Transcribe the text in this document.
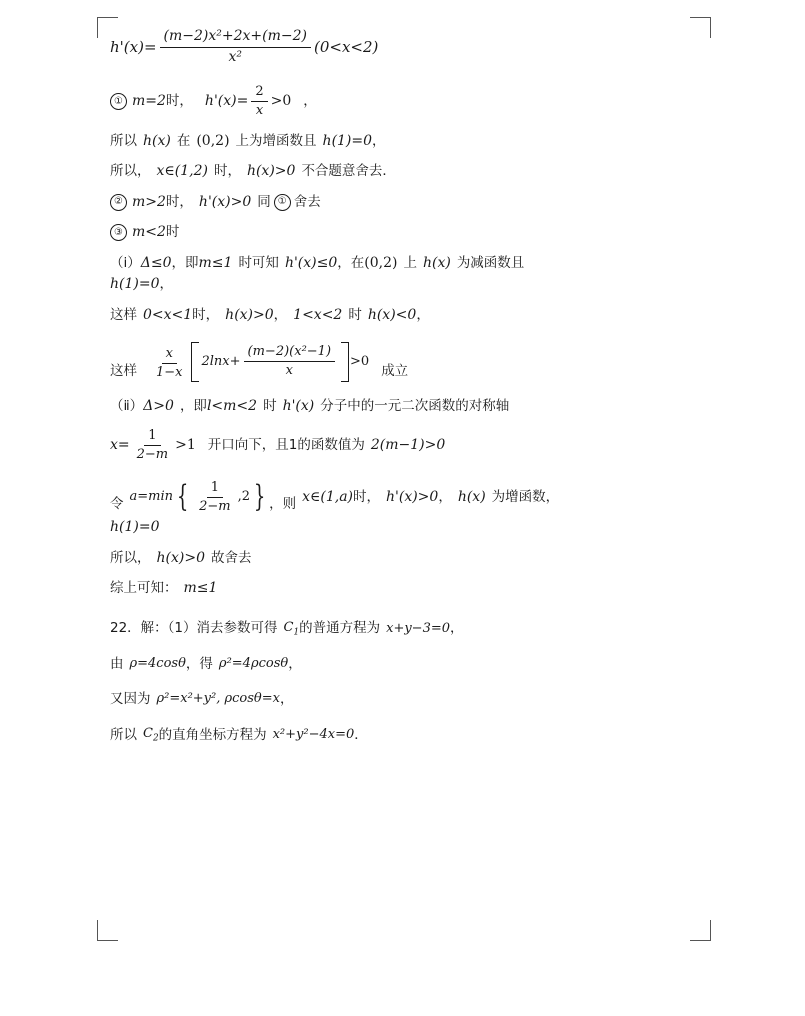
$h'(x)= \frac{\text{(m−2)x²+2x+(m−2)}}{\text{x²}} (0<x<2)$
① m=2 时， $h'(x)= \frac{2}{x} >0$ ，
所以 h(x) 在 (0,2) 上为增函数且 h(1)=0 ，
所以， x∈(1,2) 时， h(x)>0 不合题意舍去．
② m>2 时， h'(x)>0 同 ① 舍去
③ m<2 时
（ⅰ） Δ≤0 ，即 m≤1 时可知 h'(x)≤0 ，在 (0,2) 上 h(x) 为减函数且
h(1)=0 ，
这样 0<x<1 时， h(x)>0 ， 1<x<2 时 h(x)<0 ，
这样 $\frac{x}{1-x} 2\ln x+ \frac{\text{(m−2)(x²−1)}}{x} >0$
成立
（ⅱ） Δ>0 ，即 l<m<2 时 h'(x) 分子中的一元二次函数的对称轴
$x= \frac{1}{2-m} >1$ 开口向下，且1的函数值为 2(m−1)>0
令 a=min { $\frac{1}{2-m} ,2$ } ，则 x∈(1,a) 时， h'(x)>0 ， h(x) 为增函数，
h(1)=0
所以， h(x)>0 故舍去
综上可知： m≤1
22．解：（1）消去参数可得 $C_1$ 的普通方程为 x+y−3=0 ，
由 ρ=4cosθ ，得 ρ²=4ρcosθ ，
又因为 ρ²=x²+y², ρcosθ=x ，
所以 $C_2$ 的直角坐标方程为 x²+y²−4x=0 ．
